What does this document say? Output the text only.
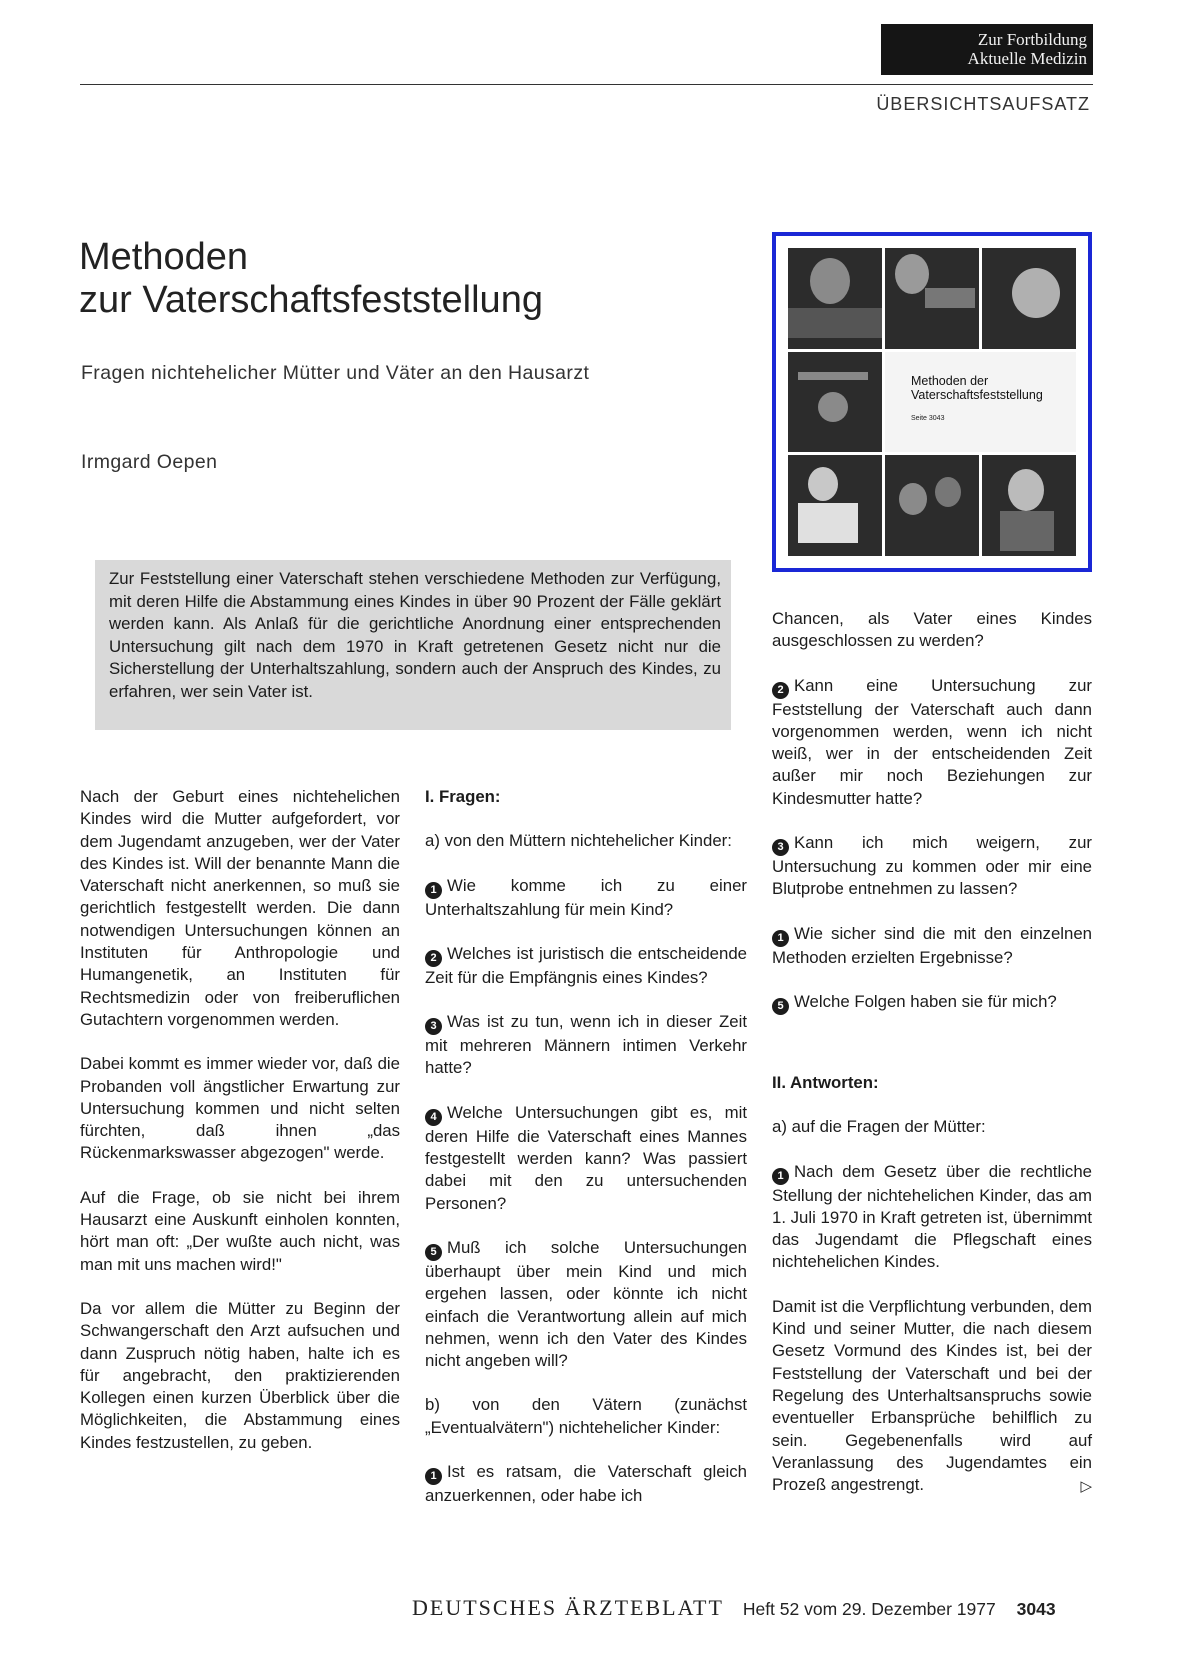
Zur Fortbildung
Aktuelle Medizin
ÜBERSICHTSAUFSATZ
Methoden
zur Vaterschaftsfeststellung
Fragen nichtehelicher Mütter und Väter an den Hausarzt
Irmgard Oepen
Methoden der
Vaterschaftsfeststellung
Seite 3043
Zur Feststellung einer Vaterschaft stehen verschiedene Methoden zur Verfügung, mit deren Hilfe die Abstammung eines Kindes in über 90 Prozent der Fälle geklärt werden kann. Als Anlaß für die gerichtliche Anordnung einer entsprechenden Untersuchung gilt nach dem 1970 in Kraft getretenen Gesetz nicht nur die Sicherstellung der Unterhaltszahlung, sondern auch der Anspruch des Kindes, zu erfahren, wer sein Vater ist.

Nach der Geburt eines nichtehelichen Kindes wird die Mutter aufgefordert, vor dem Jugendamt anzugeben, wer der Vater des Kindes ist. Will der benannte Mann die Vaterschaft nicht anerkennen, so muß sie gerichtlich festgestellt werden. Die dann notwendigen Untersuchungen können an Instituten für Anthropologie und Humangenetik, an Instituten für Rechtsmedizin oder von freiberuflichen Gutachtern vorgenommen werden.

Dabei kommt es immer wieder vor, daß die Probanden voll ängstlicher Erwartung zur Untersuchung kommen und nicht selten fürchten, daß ihnen „das Rückenmarkswasser abgezogen" werde.

Auf die Frage, ob sie nicht bei ihrem Hausarzt eine Auskunft einholen konnten, hört man oft: „Der wußte auch nicht, was man mit uns machen wird!"

Da vor allem die Mütter zu Beginn der Schwangerschaft den Arzt aufsuchen und dann Zuspruch nötig haben, halte ich es für angebracht, den praktizierenden Kollegen einen kurzen Überblick über die Möglichkeiten, die Abstammung eines Kindes festzustellen, zu geben.

I. Fragen:

a) von den Müttern nichtehelicher Kinder:

1 Wie komme ich zu einer Unterhaltszahlung für mein Kind?

2 Welches ist juristisch die entscheidende Zeit für die Empfängnis eines Kindes?

3 Was ist zu tun, wenn ich in dieser Zeit mit mehreren Männern intimen Verkehr hatte?

4 Welche Untersuchungen gibt es, mit deren Hilfe die Vaterschaft eines Mannes festgestellt werden kann? Was passiert dabei mit den zu untersuchenden Personen?

5 Muß ich solche Untersuchungen überhaupt über mein Kind und mich ergehen lassen, oder könnte ich nicht einfach die Verantwortung allein auf mich nehmen, wenn ich den Vater des Kindes nicht angeben will?

b) von den Vätern (zunächst „Eventualvätern") nichtehelicher Kinder:

1 Ist es ratsam, die Vaterschaft gleich anzuerkennen, oder habe ich

Chancen, als Vater eines Kindes ausgeschlossen zu werden?

2 Kann eine Untersuchung zur Feststellung der Vaterschaft auch dann vorgenommen werden, wenn ich nicht weiß, wer in der entscheidenden Zeit außer mir noch Beziehungen zur Kindesmutter hatte?

3 Kann ich mich weigern, zur Untersuchung zu kommen oder mir eine Blutprobe entnehmen zu lassen?

1 Wie sicher sind die mit den einzelnen Methoden erzielten Ergebnisse?

5 Welche Folgen haben sie für mich?

II. Antworten:

a) auf die Fragen der Mütter:

1 Nach dem Gesetz über die rechtliche Stellung der nichtehelichen Kinder, das am 1. Juli 1970 in Kraft getreten ist, übernimmt das Jugendamt die Pflegschaft eines nichtehelichen Kindes.

Damit ist die Verpflichtung verbunden, dem Kind und seiner Mutter, die nach diesem Gesetz Vormund des Kindes ist, bei der Feststellung der Vaterschaft und bei der Regelung des Unterhaltsanspruchs sowie eventueller Erbansprüche behilflich zu sein. Gegebenenfalls wird auf Veranlassung des Jugendamtes ein Prozeß angestrengt.	▷

DEUTSCHES ÄRZTEBLATT Heft 52 vom 29. Dezember 1977 3043
